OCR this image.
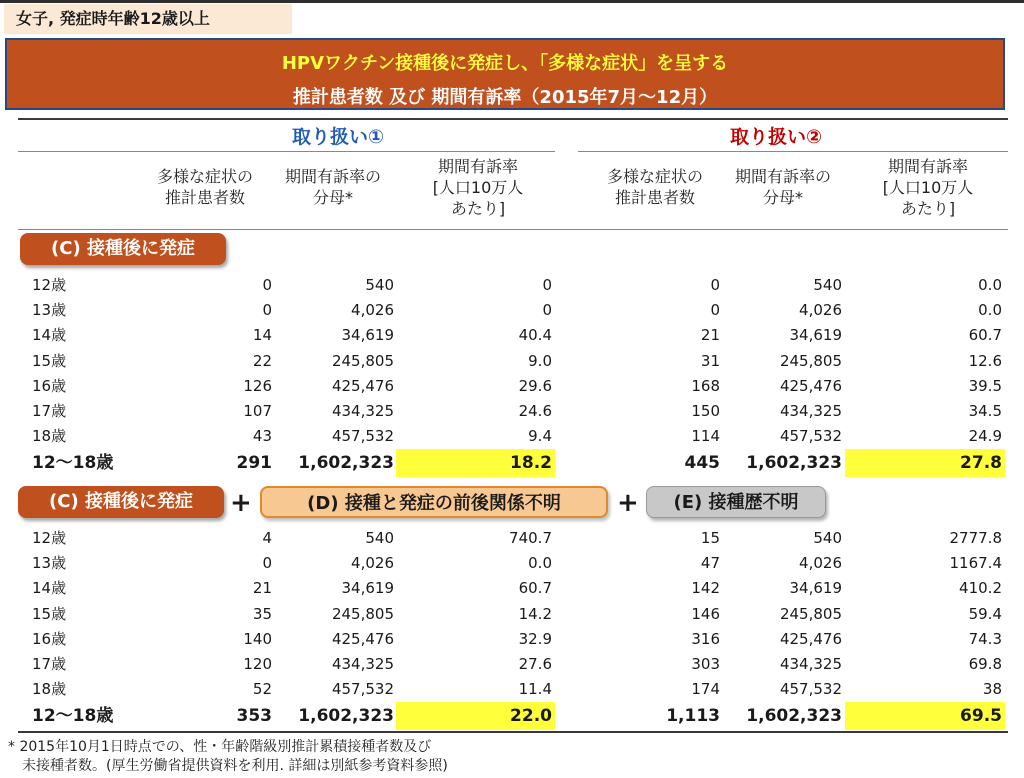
女子, 発症時年齢12歳以上
HPVワクチン接種後に発症し、「多様な症状」を呈する
推計患者数 及び 期間有訴率（2015年7月〜12月）
取り扱い①	取り扱い②
多様な症状の
推計患者数
期間有訴率の
分母*
期間有訴率
[人口10万人
あたり]
多様な症状の
推計患者数
期間有訴率の
分母*
期間有訴率
[人口10万人
あたり]
(C) 接種後に発症
12歳	0	540	0	0	540	0.0
13歳	0	4,026	0	0	4,026	0.0
14歳	14	34,619	40.4	21	34,619	60.7
15歳	22	245,805	9.0	31	245,805	12.6
16歳	126	425,476	29.6	168	425,476	39.5
17歳	107	434,325	24.6	150	434,325	34.5
18歳	43	457,532	9.4	114	457,532	24.9
12〜18歳	291 1,602,323	18.2	445 1,602,323	27.8
(C) 接種後に発症	+	(D) 接種と発症の前後関係不明	+	(E) 接種歴不明
12歳	4	540	740.7	15	540	2777.8
13歳	0	4,026	0.0	47	4,026	1167.4
14歳	21	34,619	60.7	142	34,619	410.2
15歳	35	245,805	14.2	146	245,805	59.4
16歳	140	425,476	32.9	316	425,476	74.3
17歳	120	434,325	27.6	303	434,325	69.8
18歳	52	457,532	11.4	174	457,532	38
12〜18歳	353 1,602,323	22.0	1,113 1,602,323	69.5
* 2015年10月1日時点での、性・年齢階級別推計累積接種者数及び
未接種者数。(厚生労働省提供資料を利用. 詳細は別紙参考資料参照)
